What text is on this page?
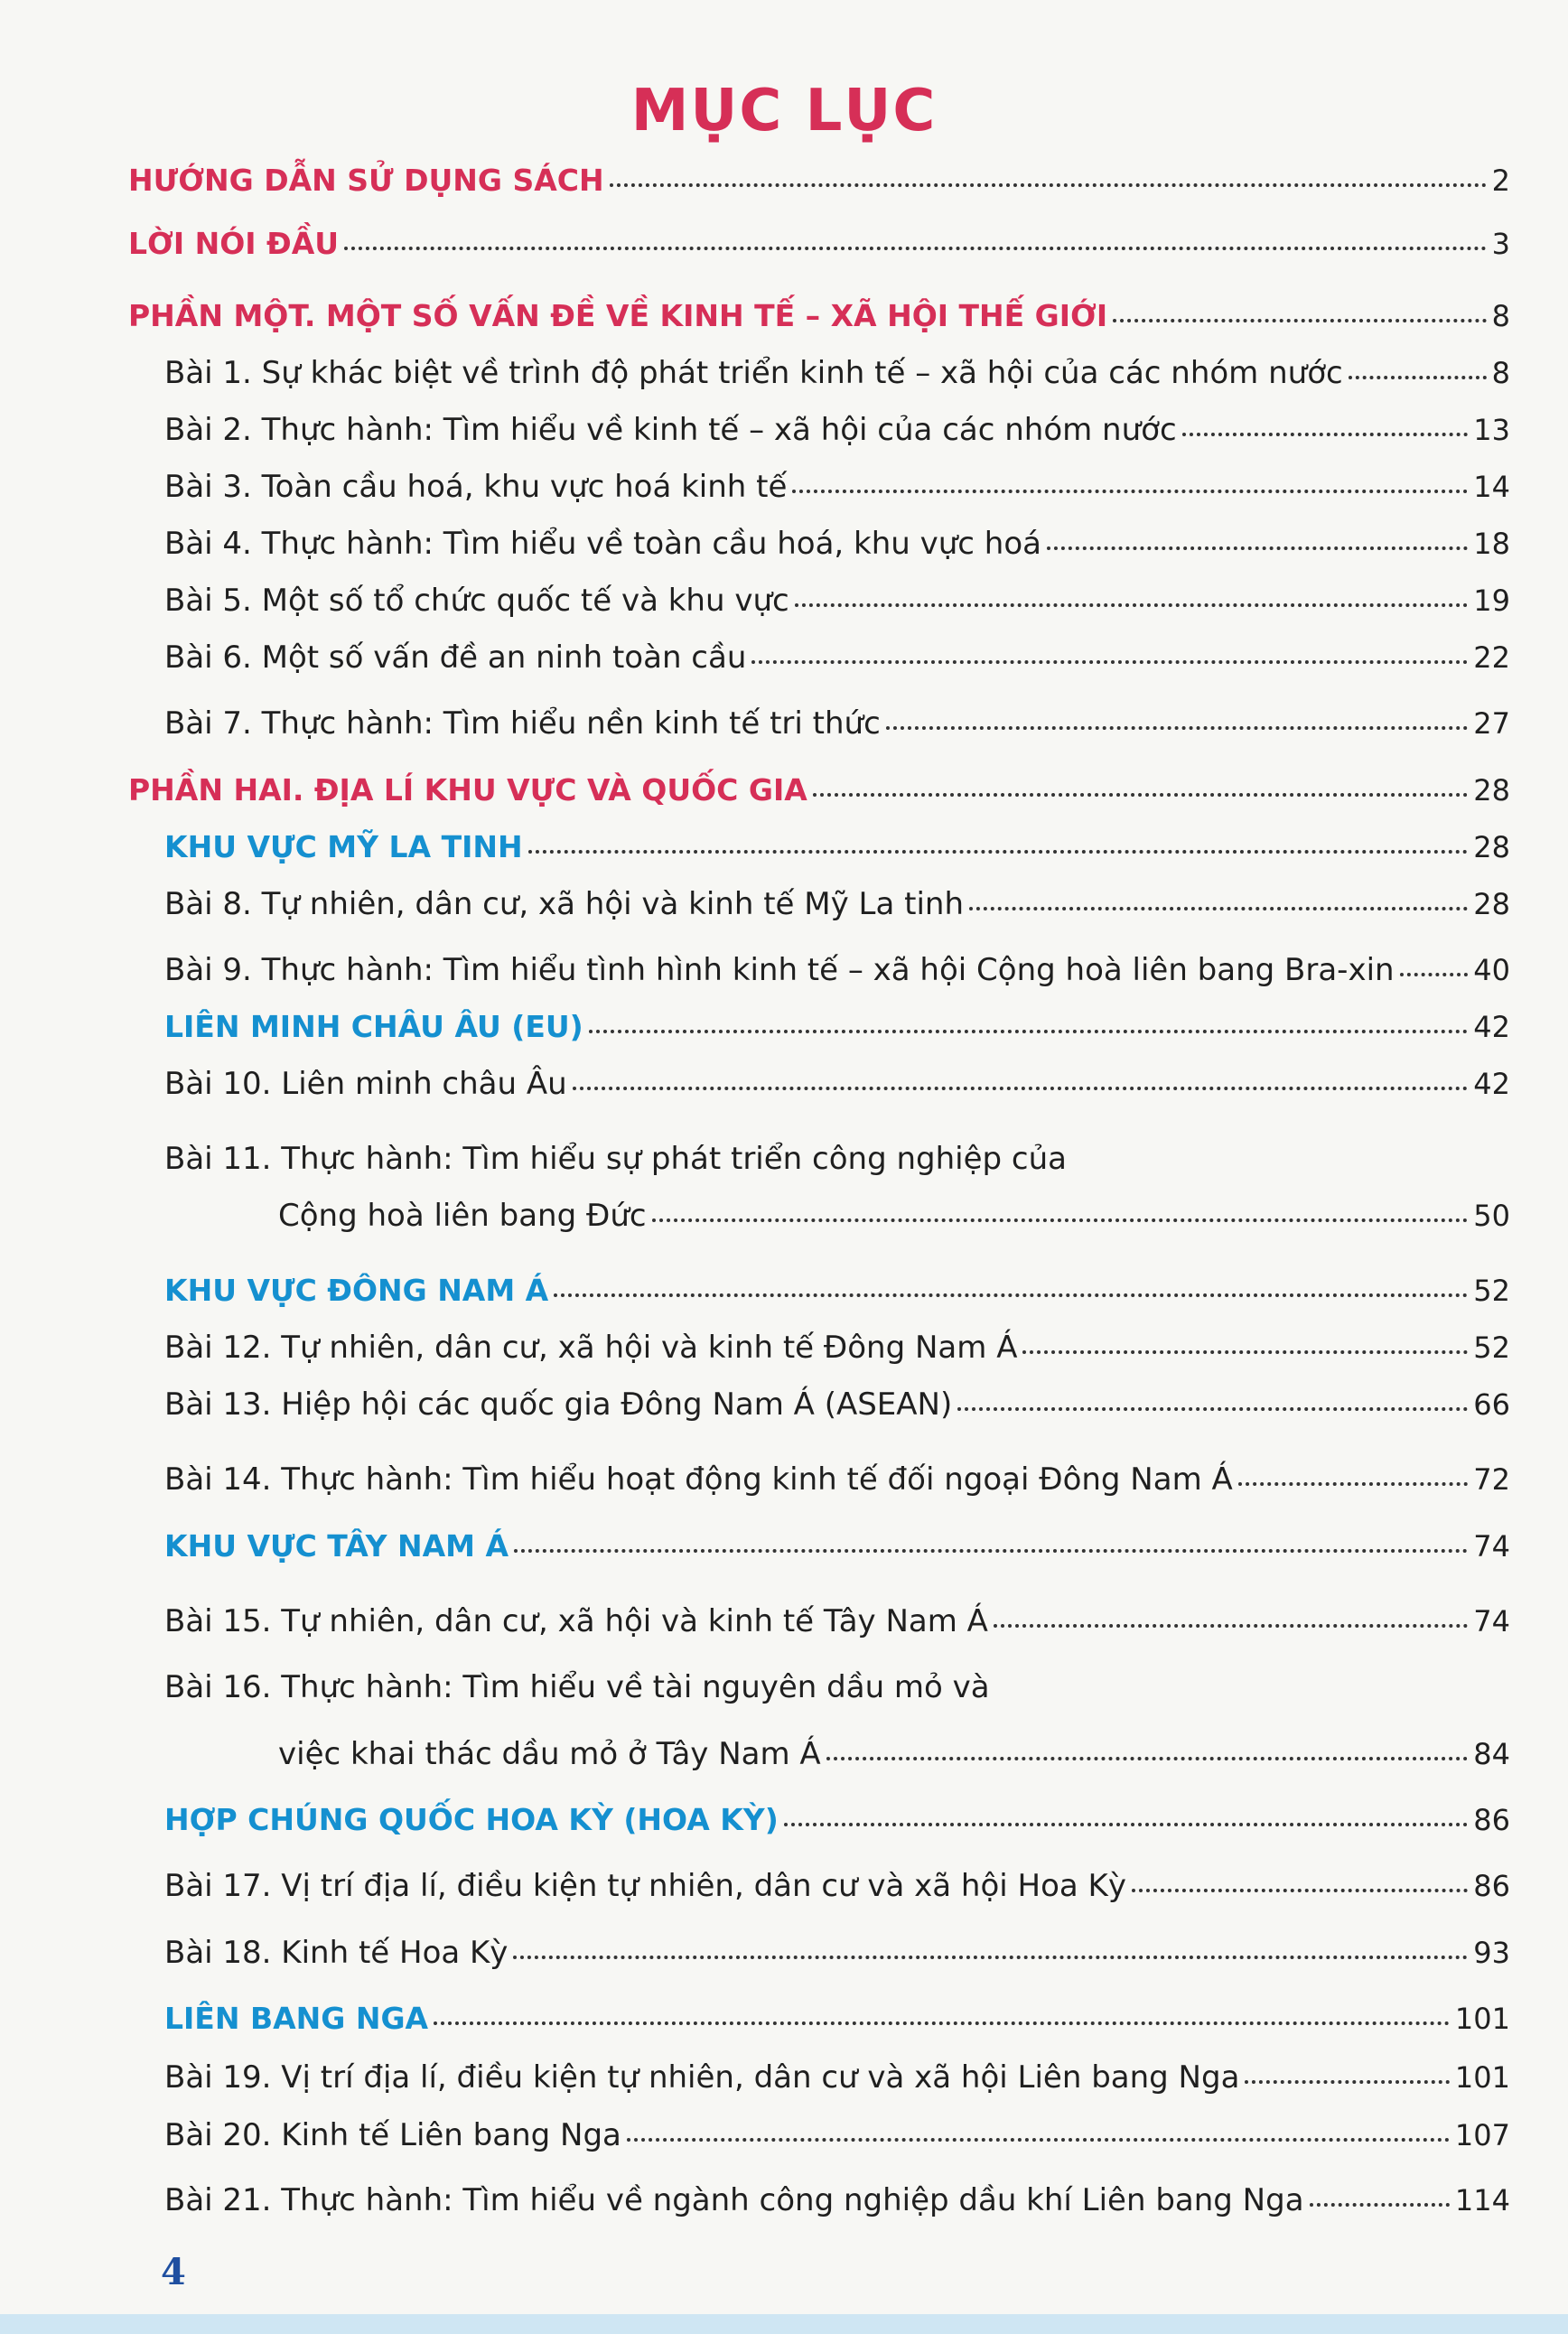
MỤC LỤC
HƯỚNG DẪN SỬ DỤNG SÁCH	2
LỜI NÓI ĐẦU	3
PHẦN MỘT. MỘT SỐ VẤN ĐỀ VỀ KINH TẾ – XÃ HỘI THẾ GIỚI	8
Bài 1. Sự khác biệt về trình độ phát triển kinh tế – xã hội của các nhóm nước	8
Bài 2. Thực hành: Tìm hiểu về kinh tế – xã hội của các nhóm nước	13
Bài 3. Toàn cầu hoá, khu vực hoá kinh tế	14
Bài 4. Thực hành: Tìm hiểu về toàn cầu hoá, khu vực hoá	18
Bài 5. Một số tổ chức quốc tế và khu vực	19
Bài 6. Một số vấn đề an ninh toàn cầu	22
Bài 7. Thực hành: Tìm hiểu nền kinh tế tri thức	27
PHẦN HAI. ĐỊA LÍ KHU VỰC VÀ QUỐC GIA	28
KHU VỰC MỸ LA TINH	28
Bài 8. Tự nhiên, dân cư, xã hội và kinh tế Mỹ La tinh	28
Bài 9. Thực hành: Tìm hiểu tình hình kinh tế – xã hội Cộng hoà liên bang Bra-xin	40
LIÊN MINH CHÂU ÂU (EU)	42
Bài 10. Liên minh châu Âu	42
Bài 11. Thực hành: Tìm hiểu sự phát triển công nghiệp của
Cộng hoà liên bang Đức	50
KHU VỰC ĐÔNG NAM Á	52
Bài 12. Tự nhiên, dân cư, xã hội và kinh tế Đông Nam Á	52
Bài 13. Hiệp hội các quốc gia Đông Nam Á (ASEAN)	66
Bài 14. Thực hành: Tìm hiểu hoạt động kinh tế đối ngoại Đông Nam Á	72
KHU VỰC TÂY NAM Á	74
Bài 15. Tự nhiên, dân cư, xã hội và kinh tế Tây Nam Á	74
Bài 16. Thực hành: Tìm hiểu về tài nguyên dầu mỏ và
việc khai thác dầu mỏ ở Tây Nam Á	84
HỢP CHÚNG QUỐC HOA KỲ (HOA KỲ)	86
Bài 17. Vị trí địa lí, điều kiện tự nhiên, dân cư và xã hội Hoa Kỳ	86
Bài 18. Kinh tế Hoa Kỳ	93
LIÊN BANG NGA	101
Bài 19. Vị trí địa lí, điều kiện tự nhiên, dân cư và xã hội Liên bang Nga	101
Bài 20. Kinh tế Liên bang Nga	107
Bài 21. Thực hành: Tìm hiểu về ngành công nghiệp dầu khí Liên bang Nga	114
4
